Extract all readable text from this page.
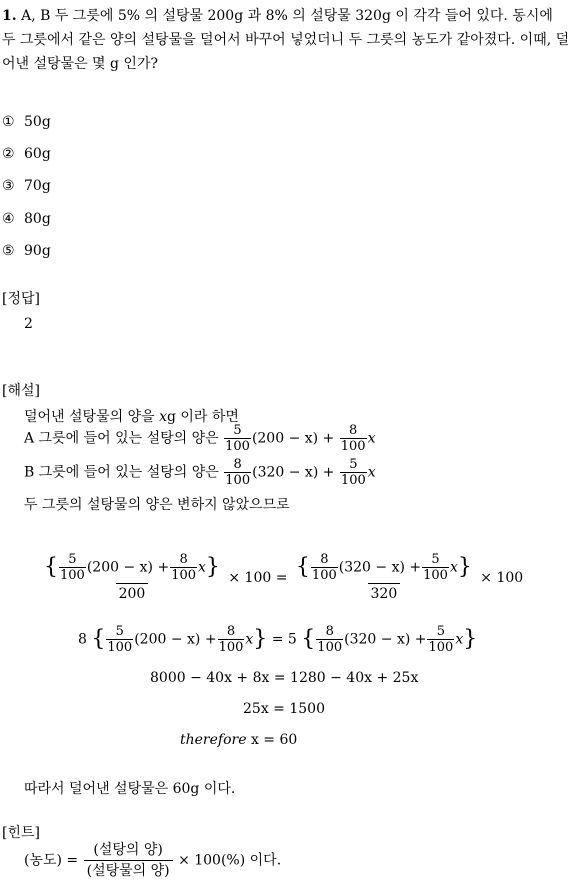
1. A, B 두 그릇에 5% 의 설탕물 200g 과 8% 의 설탕물 320g 이 각각 들어 있다. 동시에 두 그릇에서 같은 양의 설탕물을 덜어서 바꾸어 넣었더니 두 그릇의 농도가 같아졌다. 이때, 덜어낸 설탕물은 몇 g 인가?
① 50g
② 60g
③ 70g
④ 80g
⑤ 90g
[정답]
2
[해설]
덜어낸 설탕물의 양을 xg 이라 하면
A 그릇에 들어 있는 설탕의 양은 $\frac{5}{100} (200 - x) + \frac{8}{100}$ x
B 그릇에 들어 있는 설탕의 양은 $\frac{8}{100} (320 - x) + \frac{5}{100}$ x
두 그릇의 설탕물의 양은 변하지 않았으므로
$\frac{\{ \frac{5}{100} (200 - x) + \frac{8}{100} x\}}{200} \times 100 = \frac{\{ \frac{8}{100} (320 - x) + \frac{5}{100} x\}}{320} \times 100$
8 { $\frac{5}{100} (200 - x) + \frac{8}{100} x\} = 5$ { $\frac{8}{100} (320 - x) + \frac{5}{100} x$}
8000 − 40x + 8x = 1280 − 40x + 25x
25x = 1500
therefore x = 60
따라서 덜어낸 설탕물은 60g 이다.
[힌트]
(농도) = $\frac{\text{(설탕의 양)}}{\text{(설탕물의 양)}} \times 100(\%)$ 이다.
